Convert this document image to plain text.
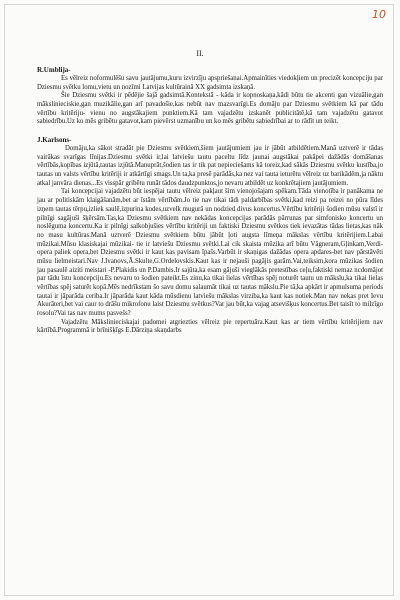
10
II.
R.Umblija-

Es vēlreiz noformulēšu savu jautājumu,kuru izvirzīju apspriešanai.Apmainīties viedokļiem un precizēt koncepciju par Dziesmu svētku lomu,vietu un nozīmi Latvijas kultūrainā XX gadsimta izskaņā.

Šie Dziesmu svētki ir pēdējie šajā gadsimtā.Kontekstā - kāda ir kopnoskaņa,kādi būtu tie akcenti gan vizuālie,gan mākslinieciskie,gan muzikālie,gan arī pavadošie,kas nebūt nav mazsvarīgi.Es domāju par Dziesmu svētkiem kā par tādu vērtību kritēriju- vienu no augstākajiem punktiem.Kā tam vajadzētu izskanēt publicitātē,kā tam vajadzētu gatavot sabiedrību.Uz ko mēs gribētu gatavot,kam pievērst uzmanību un ko mēs gribētu sabiedrībai ar to rādīt un teikt.

J.Karlsons-

Domāju,ka sākot stradāt pie Dziesmu svētkiem,šiem jautājumiem jau ir jābūt atbildētiem.Manā uztverē ir tādas vairākas svarīgas līnijas.Dziesmu svētki ir,lai latviešu tautu paceltu līdz jaunai augstākai pakāpei dažādās domāšanas vērtībās,kopības izjūtā,tautas izjūtā.Manuprāt,šodien tas ir tik pat nepieciešams kā toreiz,kad sākās Dziesmu svētku kustība,jo tautas un valsts vērtību kritēriji ir atkārtīgi smags.Un ta,ka presē parādās,ka nez vai tauta ieturētu vēlreiz uz barikādēm,ja nāktu atkal janvāra dienas...Es visspār gribētu runāt tādos daudzpunktos,jo nevaru atbildēt uz konkrētajiem jautājumiem.

Tai koncepcijai vajadzētu būt iespējai tautu vēlreiz pakļaut šim vienojošajam spēkam.Tāda vienotība ir panākama ne jau ar politiskām klaigāšanām,bet ar īstām vērtībām.Jo tie nav tikai tādi paldarbības svētki,kad reizi pa reizei no pūra līdes izņem tautas tērpu,izliek saulē,izpurina kodes,uzvelk mugurā un nodzied divus koncertus.Vērtību kritēriji šodien mūsu valstī ir pilnīgi sagājuši šķērsām.Tas,ka Dziesmu svētkiem nav nekādas koncepcijas parādās pārrunas par simfonisko koncertu un noslēguma koncertu.Ka ir pilnīgi salkobjušies vērtību kritēriji un faktiski Dziesmu svētkos tiek ievazātas tādas lietas,kas nāk no masu kultūras.Manā uztverē Dziesmu svētkiem būtu jābūt ļoti augsta līmeņa mākslas vērtību kritērijiem.Labai mūzikai.Mūsu klasiskajai mūzikai- tie ir latviešu Dziesmu svētki.Lai cik skaista mūzika arī būtu Vāgneram,Gļinkam,Verdi- opera paliek opera,bet Dziesmu svētki ir kaut kas pavisam īpašs.Varbūt ir skaņigas dažādas opera apdares-bet nav pārstāvēti mūsu lielmeistari.Nav J.Ivanovs,Ā.Skulte,G.Ordelovskis.Kaut kas ir nejauši pagājis garām.Vai,teiksim,kora mūzikas šodien jau pasaulē aiziti meistari -P.Plakidis un P.Dambis.Ir sajūta,ka esam gājuši vieglākās pretestības ceļu,faktiski nemaz ncdomājot par tādu īstu koncepciju.Es nevaru to šodien pateikt.Es zinu,ka tikai lielas vērtības spēj noturēt tautu un mākslu,ka tikai lielas vērtības spēj saturēt kopā.Mēs nedrīkstam šo savu domu salaumāt tikai uz tautas mākslu.Pie tā,ka apkārt ir apmulsuma periods tautai ir jāparāda ceriba.Ir jāparāda kaut kāda mūsdienu latviešu mākslas virziba,ka kaut kas notiek.Man nav nekas pret Ievu Akurāteri,bet vai caur to drāšu mikrofonu laist Dziesmu svētkus?Var jau būt,ka vajag atsevišķus koncertus.Bet taisīt to milzīgo rosolu?Vai tas nav mums pasvešs?

Vajadzētu Mākslinieciskajai padomei atgriezties vēlreiz pie repertuāra.Kaut kas ar tiem vērtību kritērijiem nav kārtībā.Programmā ir brīnišķīgs E.Dārziņa skaņdarbs
